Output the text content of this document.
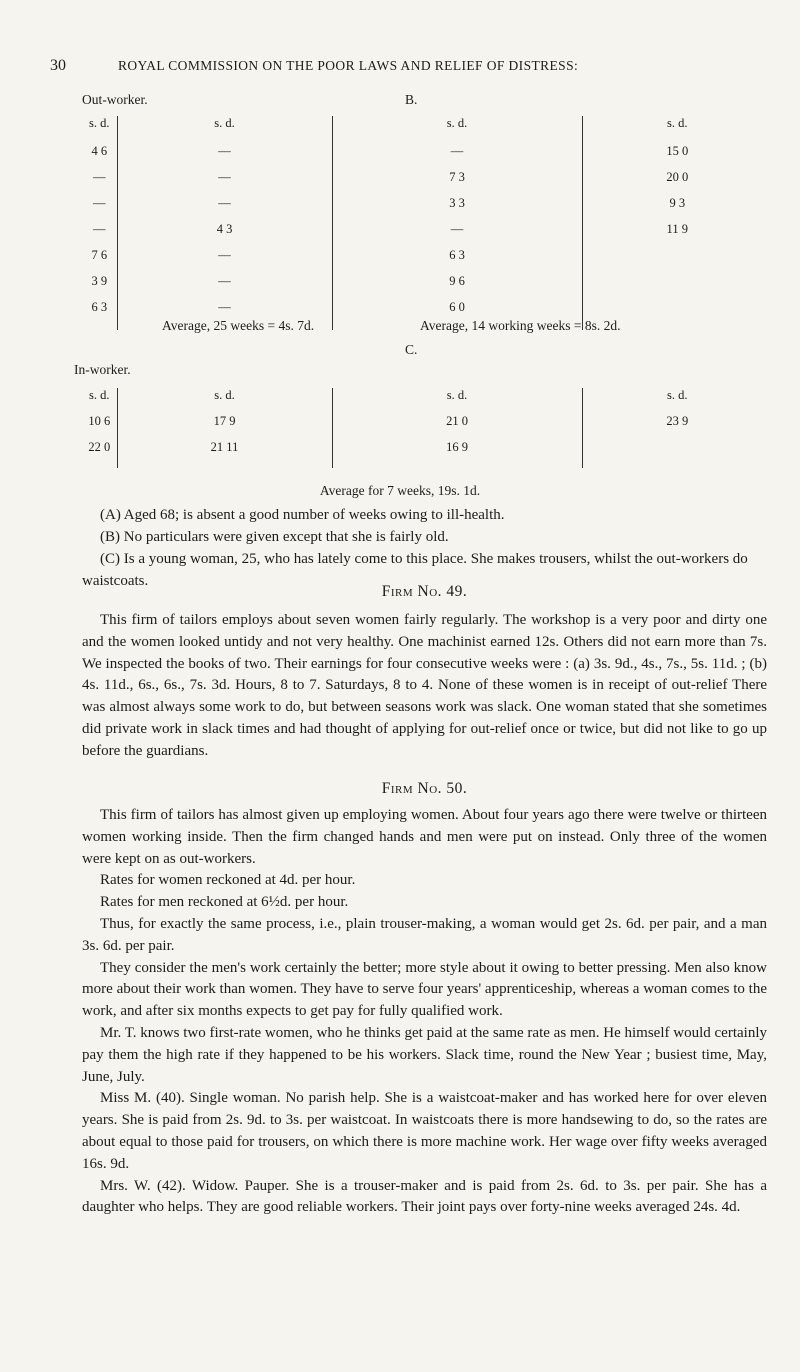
30	ROYAL COMMISSION ON THE POOR LAWS AND RELIEF OF DISTRESS:
Out-worker.	B.
s. d.	s. d.	s. d.	s. d.
4 6	—	—	15 0
—	—	7 3	20 0
—	—	3 3	9 3
—	4 3	—	11 9
7 6	—	6 3	
3 9	—	9 6	
6 3	—	6 0	
Average, 25 weeks = 4s. 7d.	Average, 14 working weeks = 8s. 2d.
C.
In-worker.
s. d.	s. d.	s. d.	s. d.
10 6	17 9	21 0	23 9
22 0	21 11	16 9	
Average for 7 weeks, 19s. 1d.

(A) Aged 68; is absent a good number of weeks owing to ill-health.

(B) No particulars were given except that she is fairly old.

(C) Is a young woman, 25, who has lately come to this place. She makes trousers, whilst the out-workers do waistcoats.

Firm No. 49.

This firm of tailors employs about seven women fairly regularly. The workshop is a very poor and dirty one and the women looked untidy and not very healthy. One machinist earned 12s. Others did not earn more than 7s. We inspected the books of two. Their earnings for four consecutive weeks were : (a) 3s. 9d., 4s., 7s., 5s. 11d. ; (b) 4s. 11d., 6s., 6s., 7s. 3d. Hours, 8 to 7. Saturdays, 8 to 4. None of these women is in receipt of out-relief There was almost always some work to do, but between seasons work was slack. One woman stated that she sometimes did private work in slack times and had thought of applying for out-relief once or twice, but did not like to go up before the guardians.

Firm No. 50.

This firm of tailors has almost given up employing women. About four years ago there were twelve or thirteen women working inside. Then the firm changed hands and men were put on instead. Only three of the women were kept on as out-workers.

Rates for women reckoned at 4d. per hour.

Rates for men reckoned at 6½d. per hour.

Thus, for exactly the same process, i.e., plain trouser-making, a woman would get 2s. 6d. per pair, and a man 3s. 6d. per pair.

They consider the men's work certainly the better; more style about it owing to better pressing. Men also know more about their work than women. They have to serve four years' apprenticeship, whereas a woman comes to the work, and after six months expects to get pay for fully qualified work.

Mr. T. knows two first-rate women, who he thinks get paid at the same rate as men. He himself would certainly pay them the high rate if they happened to be his workers. Slack time, round the New Year ; busiest time, May, June, July.

Miss M. (40). Single woman. No parish help. She is a waistcoat-maker and has worked here for over eleven years. She is paid from 2s. 9d. to 3s. per waistcoat. In waistcoats there is more handsewing to do, so the rates are about equal to those paid for trousers, on which there is more machine work. Her wage over fifty weeks averaged 16s. 9d.

Mrs. W. (42). Widow. Pauper. She is a trouser-maker and is paid from 2s. 6d. to 3s. per pair. She has a daughter who helps. They are good reliable workers. Their joint pays over forty-nine weeks averaged 24s. 4d.
